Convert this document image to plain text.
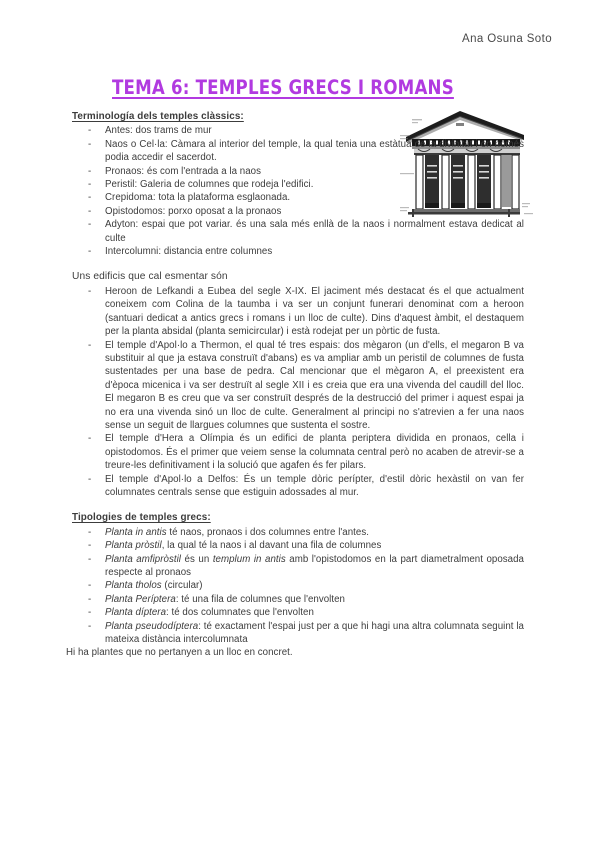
Ana Osuna Soto
TEMA 6: TEMPLES GRECS I ROMANS
Terminología dels temples clàssics:
- Antes: dos trams de mur
- Naos o Cel·la: Càmara al interior del temple, la qual tenia una estàtua de la divinitat i on només podia accedir el sacerdot.
- Pronaos: és com l'entrada a la naos
- Peristil: Galeria de columnes que rodeja l'edifici.
- Crepidoma: tota la plataforma esglaonada.
- Opistodomos: porxo oposat a la pronaos
- Adyton: espai que pot variar. és una sala més enllà de la naos i normalment estava dedicat al culte
- Intercolumni: distancia entre columnes
Uns edificis que cal esmentar són
- Heroon de Lefkandi a Eubea del segle X-IX. El jaciment més destacat és el que actualment coneixem com Colina de la taumba i va ser un conjunt funerari denominat com a heroon (santuari dedicat a antics grecs i romans i un lloc de culte). Dins d'aquest àmbit, el destaquem per la planta absidal (planta semicircular) i està rodejat per un pòrtic de fusta.
- El temple d'Apol·lo a Thermon, el qual té tres espais: dos mègaron (un d'ells, el megaron B va substituir al que ja estava construït d'abans) es va ampliar amb un peristil de columnes de fusta sustentades per una base de pedra. Cal mencionar que el mègaron A, el preexistent era d'època micenica i va ser destruït al segle XII i es creia que era una vivenda del caudill del lloc. El megaron B es creu que va ser construït després de la destrucció del primer i aquest espai ja no era una vivenda sinó un lloc de culte. Generalment al principi no s'atrevien a fer una naos sense un seguit de llargues columnes que sustenta el sostre.
- El temple d'Hera a Olímpia és un edifici de planta periptera dividida en pronaos, cella i opistodomos. És el primer que veiem sense la columnata central però no acaben de atrevir-se a treure-les definitivament i la solució que agafen és fer pilars.
- El temple d'Apol·lo a Delfos: És un temple dòric perípter, d'estil dòric hexàstil on van fer columnates centrals sense que estiguin adossades al mur.
Tipologies de temples grecs:
- Planta in antis té naos, pronaos i dos columnes entre l'antes.
- Planta pròstil, la qual té la naos i al davant una fila de columnes
- Planta amfipròstil és un templum in antis amb l'opistodomos en la part diametralment oposada respecte al pronaos
- Planta tholos (circular)
- Planta Períptera: té una fila de columnes que l'envolten
- Planta díptera: té dos columnates que l'envolten
- Planta pseudodíptera: té exactament l'espai just per a que hi hagi una altra columnata seguint la mateixa distància intercolumnata
Hi ha plantes que no pertanyen a un lloc en concret.
